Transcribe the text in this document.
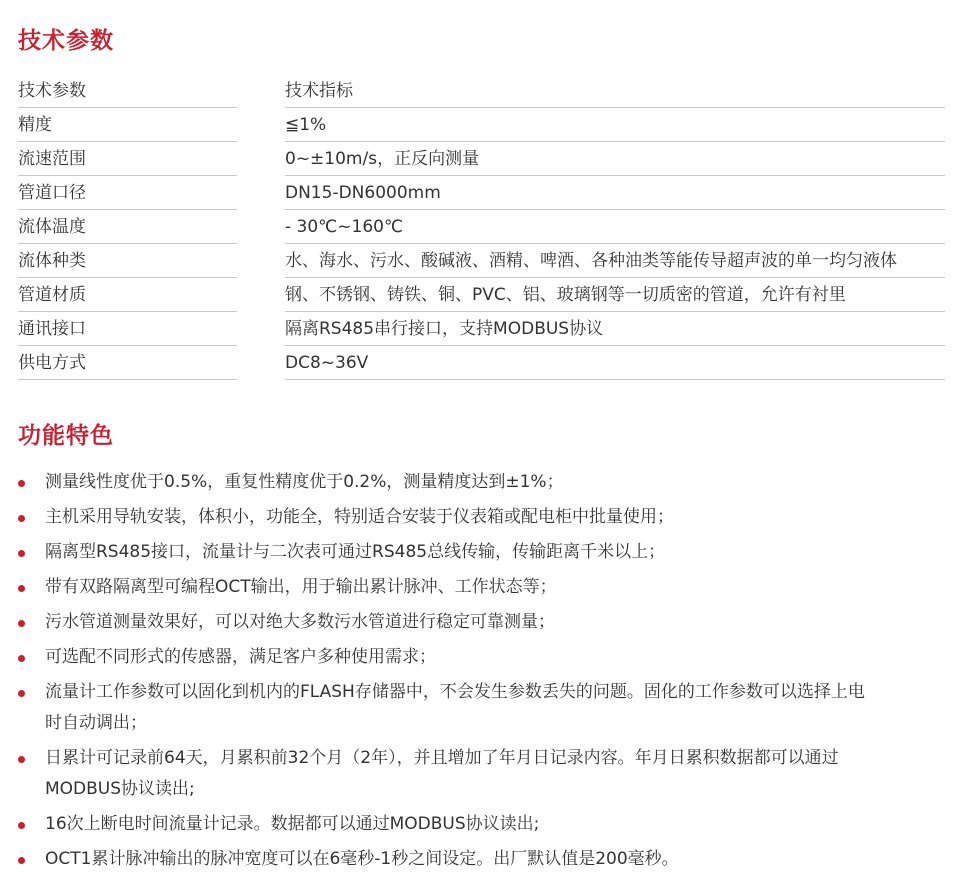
技术参数
技术参数	技术指标
精度	≦1%
流速范围	0~±10m/s，正反向测量
管道口径	DN15-DN6000mm
流体温度	- 30℃~160℃
流体种类	水、海水、污水、酸碱液、酒精、啤酒、各种油类等能传导超声波的单一均匀液体
管道材质	钢、不锈钢、铸铁、铜、PVC、铝、玻璃钢等一切质密的管道，允许有衬里
通讯接口	隔离RS485串行接口，支持MODBUS协议
供电方式	DC8~36V
功能特色
测量线性度优于0.5%，重复性精度优于0.2%，测量精度达到±1%；
主机采用导轨安装，体积小，功能全，特别适合安装于仪表箱或配电柜中批量使用；
隔离型RS485接口，流量计与二次表可通过RS485总线传输，传输距离千米以上；
带有双路隔离型可编程OCT输出，用于输出累计脉冲、工作状态等；
污水管道测量效果好，可以对绝大多数污水管道进行稳定可靠测量；
可选配不同形式的传感器，满足客户多种使用需求；
流量计工作参数可以固化到机内的FLASH存储器中，不会发生参数丢失的问题。固化的工作参数可以选择上电时自动调出；
日累计可记录前64天，月累积前32个月（2年），并且增加了年月日记录内容。年月日累积数据都可以通过MODBUS协议读出;
16次上断电时间流量计记录。数据都可以通过MODBUS协议读出;
OCT1累计脉冲输出的脉冲宽度可以在6毫秒-1秒之间设定。出厂默认值是200毫秒。
